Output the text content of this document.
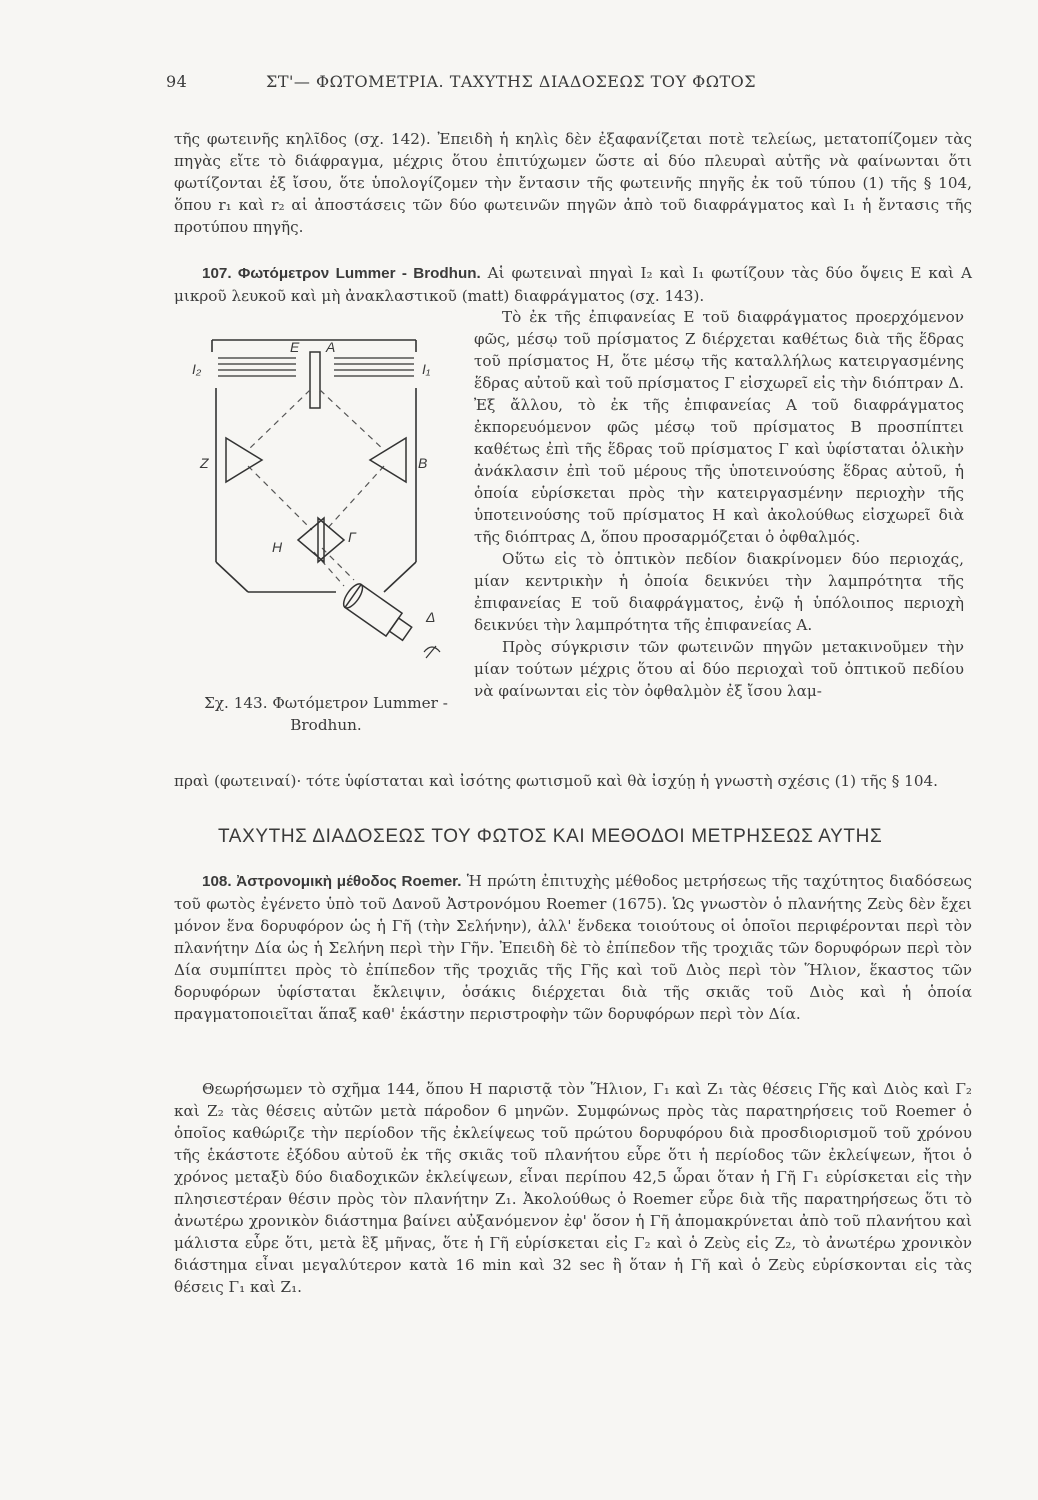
94	ΣΤ'— ΦΩΤΟΜΕΤΡΙΑ. ΤΑΧΥΤΗΣ ΔΙΑΔΟΣΕΩΣ ΤΟΥ ΦΩΤΟΣ

τῆς φωτεινῆς κηλῖδος (σχ. 142). Ἐπειδὴ ἡ κηλὶς δὲν ἐξαφανίζεται ποτὲ τελείως, μετατοπίζομεν τὰς πηγὰς εἴτε τὸ διάφραγμα, μέχρις ὅτου ἐπιτύχωμεν ὥστε αἱ δύο πλευραὶ αὐτῆς νὰ φαίνωνται ὅτι φωτίζονται ἐξ ἴσου, ὅτε ὑπολογίζομεν τὴν ἔντασιν τῆς φωτεινῆς πηγῆς ἐκ τοῦ τύπου (1) τῆς § 104, ὅπου r₁ καὶ r₂ αἱ ἀποστάσεις τῶν δύο φωτεινῶν πηγῶν ἀπὸ τοῦ διαφράγματος καὶ I₁ ἡ ἔντασις τῆς προτύπου πηγῆς.

107. Φωτόμετρον Lummer - Brodhun. Αἱ φωτειναὶ πηγαὶ I₂ καὶ I₁ φωτίζουν τὰς δύο ὄψεις Ε καὶ Α μικροῦ λευκοῦ καὶ μὴ ἀνακλαστικοῦ (matt) διαφράγματος (σχ. 143).

E A
I₂	I₁
Z	B
H
Γ
Δ
Σχ. 143. Φωτόμετρον Lummer - Brodhun.

Τὸ ἐκ τῆς ἐπιφανείας Ε τοῦ διαφράγματος προερχόμενον φῶς, μέσῳ τοῦ πρίσματος Ζ διέρχεται καθέτως διὰ τῆς ἕδρας τοῦ πρίσματος Η, ὅτε μέσῳ τῆς καταλλήλως κατειργασμένης ἕδρας αὐτοῦ καὶ τοῦ πρίσματος Γ εἰσχωρεῖ εἰς τὴν διόπτραν Δ. Ἐξ ἄλλου, τὸ ἐκ τῆς ἐπιφανείας Α τοῦ διαφράγματος ἐκπορευόμενον φῶς μέσῳ τοῦ πρίσματος Β προσπίπτει καθέτως ἐπὶ τῆς ἕδρας τοῦ πρίσματος Γ καὶ ὑφίσταται ὁλικὴν ἀνάκλασιν ἐπὶ τοῦ μέρους τῆς ὑποτεινούσης ἕδρας αὐτοῦ, ἡ ὁποία εὑρίσκεται πρὸς τὴν κατειργασμένην περιοχὴν τῆς ὑποτεινούσης τοῦ πρίσματος Η καὶ ἀκολούθως εἰσχωρεῖ διὰ τῆς διόπτρας Δ, ὅπου προσαρμόζεται ὁ ὀφθαλμός.

Οὕτω εἰς τὸ ὀπτικὸν πεδίον διακρίνομεν δύο περιοχάς, μίαν κεντρικὴν ἡ ὁποία δεικνύει τὴν λαμπρότητα τῆς ἐπιφανείας Ε τοῦ διαφράγματος, ἐνῷ ἡ ὑπόλοιπος περιοχὴ δεικνύει τὴν λαμπρότητα τῆς ἐπιφανείας Α.

Πρὸς σύγκρισιν τῶν φωτεινῶν πηγῶν μετακινοῦμεν τὴν μίαν τούτων μέχρις ὅτου αἱ δύο περιοχαὶ τοῦ ὀπτικοῦ πεδίου νὰ φαίνωνται εἰς τὸν ὀφθαλμὸν ἐξ ἴσου λαμ-

πραὶ (φωτειναί)· τότε ὑφίσταται καὶ ἰσότης φωτισμοῦ καὶ θὰ ἰσχύῃ ἡ γνωστὴ σχέσις (1) τῆς § 104.

ΤΑΧΥΤΗΣ ΔΙΑΔΟΣΕΩΣ ΤΟΥ ΦΩΤΟΣ ΚΑΙ ΜΕΘΟΔΟΙ ΜΕΤΡΗΣΕΩΣ ΑΥΤΗΣ

108. Ἀστρονομικὴ μέθοδος Roemer. Ἡ πρώτη ἐπιτυχὴς μέθοδος μετρήσεως τῆς ταχύτητος διαδόσεως τοῦ φωτὸς ἐγένετο ὑπὸ τοῦ Δανοῦ Ἀστρονόμου Roemer (1675). Ὡς γνωστὸν ὁ πλανήτης Ζεὺς δὲν ἔχει μόνον ἕνα δορυφόρον ὡς ἡ Γῆ (τὴν Σελήνην), ἀλλ' ἕνδεκα τοιούτους οἱ ὁποῖοι περιφέρονται περὶ τὸν πλανήτην Δία ὡς ἡ Σελήνη περὶ τὴν Γῆν. Ἐπειδὴ δὲ τὸ ἐπίπεδον τῆς τροχιᾶς τῶν δορυφόρων περὶ τὸν Δία συμπίπτει πρὸς τὸ ἐπίπεδον τῆς τροχιᾶς τῆς Γῆς καὶ τοῦ Διὸς περὶ τὸν Ἥλιον, ἕκαστος τῶν δορυφόρων ὑφίσταται ἔκλειψιν, ὁσάκις διέρχεται διὰ τῆς σκιᾶς τοῦ Διὸς καὶ ἡ ὁποία πραγματοποιεῖται ἅπαξ καθ' ἑκάστην περιστροφὴν τῶν δορυφόρων περὶ τὸν Δία.

Θεωρήσωμεν τὸ σχῆμα 144, ὅπου Η παριστᾷ τὸν Ἥλιον, Γ₁ καὶ Ζ₁ τὰς θέσεις Γῆς καὶ Διὸς καὶ Γ₂ καὶ Ζ₂ τὰς θέσεις αὐτῶν μετὰ πάροδον 6 μηνῶν. Συμφώνως πρὸς τὰς παρατηρήσεις τοῦ Roemer ὁ ὁποῖος καθώριζε τὴν περίοδον τῆς ἐκλείψεως τοῦ πρώτου δορυφόρου διὰ προσδιορισμοῦ τοῦ χρόνου τῆς ἑκάστοτε ἐξόδου αὐτοῦ ἐκ τῆς σκιᾶς τοῦ πλανήτου εὗρε ὅτι ἡ περίοδος τῶν ἐκλείψεων, ἤτοι ὁ χρόνος μεταξὺ δύο διαδοχικῶν ἐκλείψεων, εἶναι περίπου 42,5 ὧραι ὅταν ἡ Γῆ Γ₁ εὑρίσκεται εἰς τὴν πλησιεστέραν θέσιν πρὸς τὸν πλανήτην Ζ₁. Ἀκολούθως ὁ Roemer εὗρε διὰ τῆς παρατηρήσεως ὅτι τὸ ἀνωτέρω χρονικὸν διάστημα βαίνει αὐξανόμενον ἐφ' ὅσον ἡ Γῆ ἀπομακρύνεται ἀπὸ τοῦ πλανήτου καὶ μάλιστα εὗρε ὅτι, μετὰ ἓξ μῆνας, ὅτε ἡ Γῆ εὑρίσκεται εἰς Γ₂ καὶ ὁ Ζεὺς εἰς Ζ₂, τὸ ἀνωτέρω χρονικὸν διάστημα εἶναι μεγαλύτερον κατὰ 16 min καὶ 32 sec ἢ ὅταν ἡ Γῆ καὶ ὁ Ζεὺς εὑρίσκονται εἰς τὰς θέσεις Γ₁ καὶ Ζ₁.
